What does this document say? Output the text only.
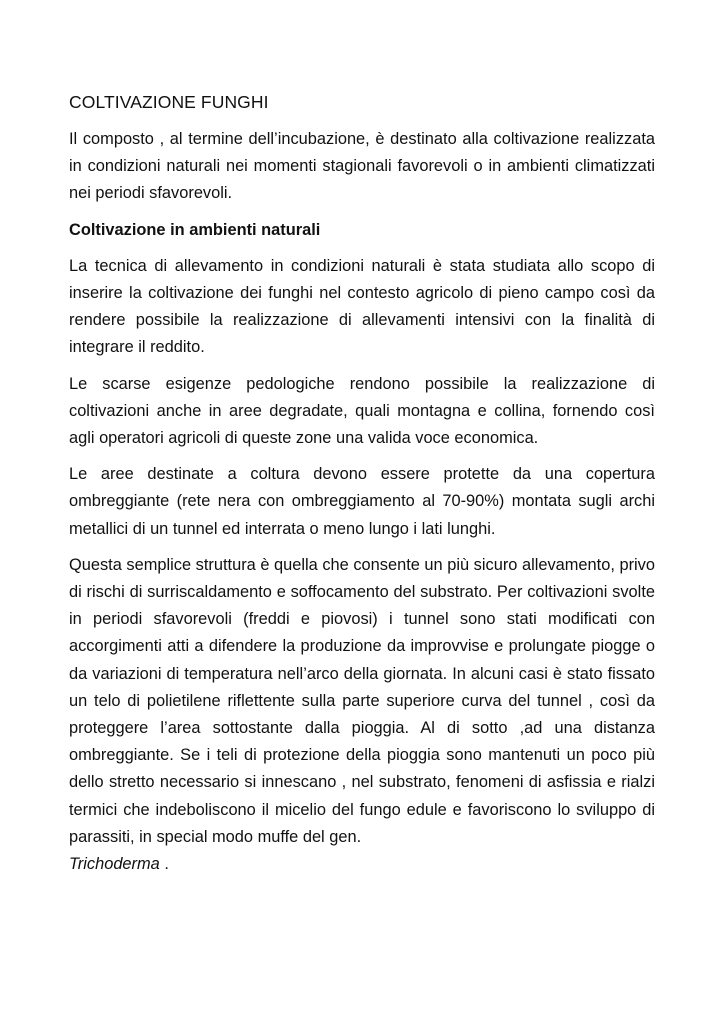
COLTIVAZIONE FUNGHI

Il composto , al termine dell’incubazione, è destinato alla coltivazione realizzata in condizioni naturali nei momenti stagionali favorevoli o in ambienti climatizzati nei periodi sfavorevoli.

Coltivazione in ambienti naturali

La tecnica di allevamento in condizioni naturali è stata studiata allo scopo di inserire la coltivazione dei funghi nel contesto agricolo di pieno campo così da rendere possibile la realizzazione di allevamenti intensivi con la finalità di integrare il reddito.

Le scarse esigenze pedologiche rendono possibile la realizzazione di coltivazioni anche in aree degradate, quali montagna e collina, fornendo così agli operatori agricoli di queste zone una valida voce economica.

Le aree destinate a coltura devono essere protette da una copertura ombreggiante (rete nera con ombreggiamento al 70-90%) montata sugli archi metallici di un tunnel ed interrata o meno lungo i lati lunghi.

Questa semplice struttura è quella che consente un più sicuro allevamento, privo di rischi di surriscaldamento e soffocamento del substrato. Per coltivazioni svolte in periodi sfavorevoli (freddi e piovosi) i tunnel sono stati modificati con accorgimenti atti a difendere la produzione da improvvise e prolungate piogge o da variazioni di temperatura nell’arco della giornata. In alcuni casi è stato fissato un telo di polietilene riflettente sulla parte superiore curva del tunnel , così da proteggere l’area sottostante dalla pioggia. Al di sotto ,ad una distanza ombreggiante. Se i teli di protezione della pioggia sono mantenuti un poco più dello stretto necessario si innescano , nel substrato, fenomeni di asfissia e rialzi termici che indeboliscono il micelio del fungo edule e favoriscono lo sviluppo di parassiti, in special modo muffe del gen.
Trichoderma .
